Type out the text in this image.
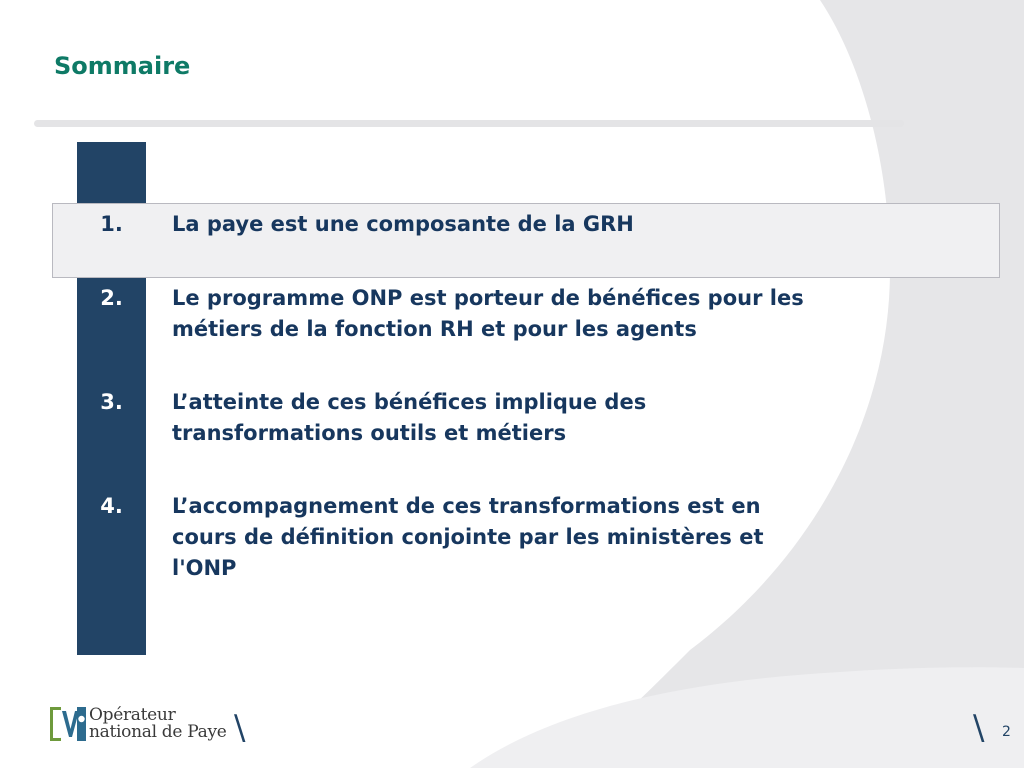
Sommaire
1.	La paye est une composante de la GRH
2.	Le programme ONP est porteur de bénéfices pour les
métiers de la fonction RH et pour les agents
3.	L’atteinte de ces bénéfices implique des
transformations outils et métiers
4.	L’accompagnement de ces transformations est en
cours de définition conjointe par les ministères et
l'ONP
Opérateur
national de Paye \	\ 2
